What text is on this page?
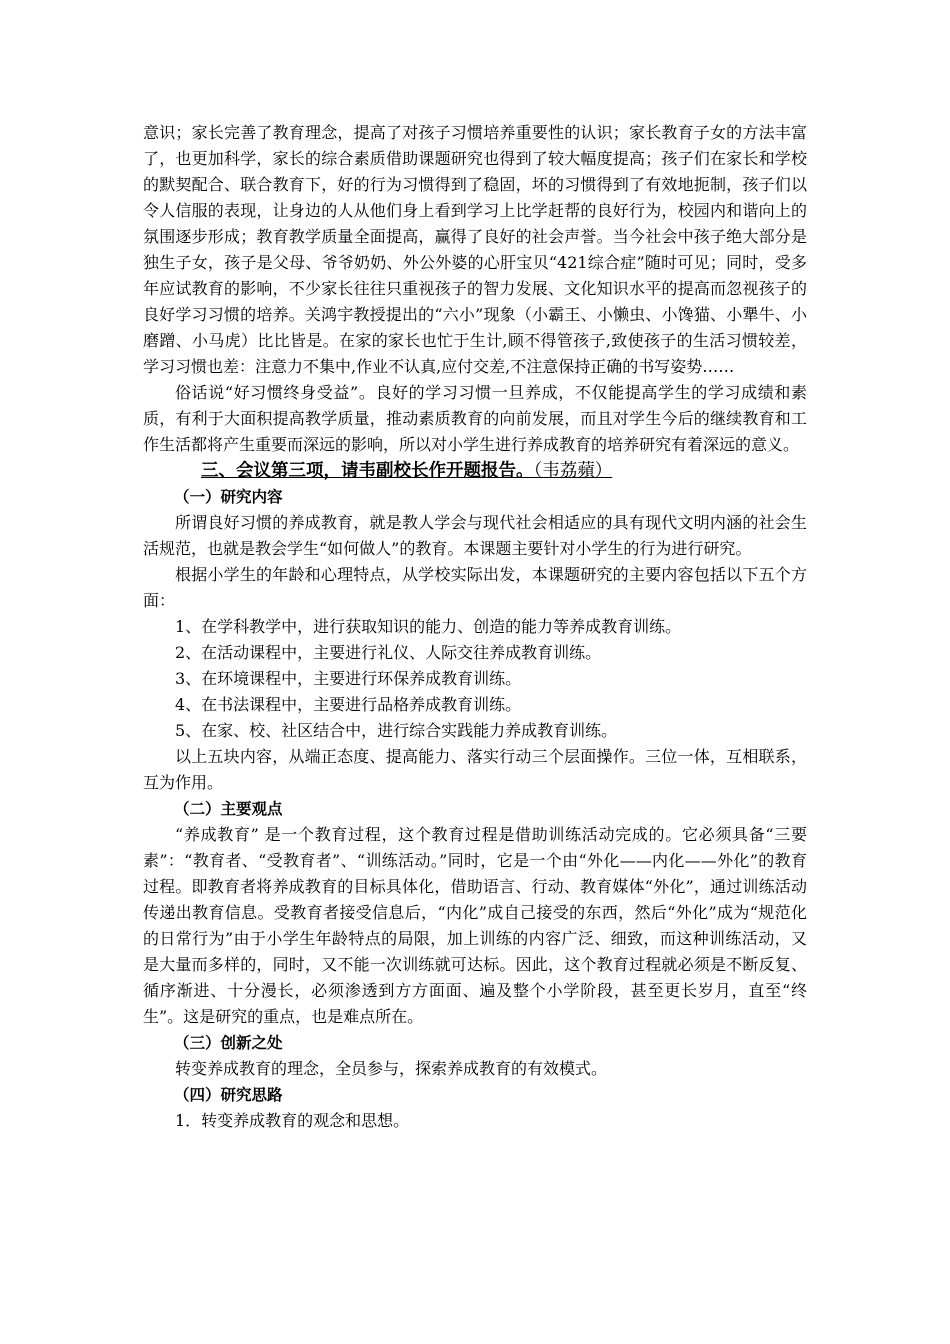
意识；家长完善了教育理念，提高了对孩子习惯培养重要性的认识；家长教育子女的方法丰富了，也更加科学，家长的综合素质借助课题研究也得到了较大幅度提高；孩子们在家长和学校的默契配合、联合教育下，好的行为习惯得到了稳固，坏的习惯得到了有效地扼制，孩子们以令人信服的表现，让身边的人从他们身上看到学习上比学赶帮的良好行为，校园内和谐向上的氛围逐步形成；教育教学质量全面提高，赢得了良好的社会声誉。当今社会中孩子绝大部分是独生子女，孩子是父母、爷爷奶奶、外公外婆的心肝宝贝“421综合症”随时可见；同时，受多年应试教育的影响，不少家长往往只重视孩子的智力发展、文化知识水平的提高而忽视孩子的良好学习习惯的培养。关鸿宇教授提出的“六小”现象（小霸王、小懒虫、小馋猫、小犟牛、小磨蹭、小马虎）比比皆是。在家的家长也忙于生计,顾不得管孩子,致使孩子的生活习惯较差，学习习惯也差：注意力不集中,作业不认真,应付交差,不注意保持正确的书写姿势……

俗话说“好习惯终身受益”。良好的学习习惯一旦养成，不仅能提高学生的学习成绩和素质，有利于大面积提高教学质量，推动素质教育的向前发展，而且对学生今后的继续教育和工作生活都将产生重要而深远的影响，所以对小学生进行养成教育的培养研究有着深远的意义。

三、会议第三项，请韦副校长作开题报告。（韦荔蘋）

（一）研究内容

所谓良好习惯的养成教育，就是教人学会与现代社会相适应的具有现代文明内涵的社会生活规范，也就是教会学生“如何做人”的教育。本课题主要针对小学生的行为进行研究。

根据小学生的年龄和心理特点，从学校实际出发，本课题研究的主要内容包括以下五个方面：

1、在学科教学中，进行获取知识的能力、创造的能力等养成教育训练。

2、在活动课程中，主要进行礼仪、人际交往养成教育训练。

3、在环境课程中，主要进行环保养成教育训练。

4、在书法课程中，主要进行品格养成教育训练。

5、在家、校、社区结合中，进行综合实践能力养成教育训练。

以上五块内容，从端正态度、提高能力、落实行动三个层面操作。三位一体，互相联系，互为作用。

（二）主要观点

“养成教育” 是一个教育过程，这个教育过程是借助训练活动完成的。它必须具备“三要素”：“教育者、“受教育者”、“训练活动。”同时，它是一个由“外化——内化——外化”的教育过程。即教育者将养成教育的目标具体化，借助语言、行动、教育媒体“外化”，通过训练活动传递出教育信息。受教育者接受信息后，“内化”成自己接受的东西，然后“外化”成为“规范化的日常行为”由于小学生年龄特点的局限，加上训练的内容广泛、细致，而这种训练活动，又是大量而多样的，同时，又不能一次训练就可达标。因此，这个教育过程就必须是不断反复、循序渐进、十分漫长，必须渗透到方方面面、遍及整个小学阶段，甚至更长岁月，直至“终生”。这是研究的重点，也是难点所在。

（三）创新之处

转变养成教育的理念，全员参与，探索养成教育的有效模式。

（四）研究思路

1．转变养成教育的观念和思想。
